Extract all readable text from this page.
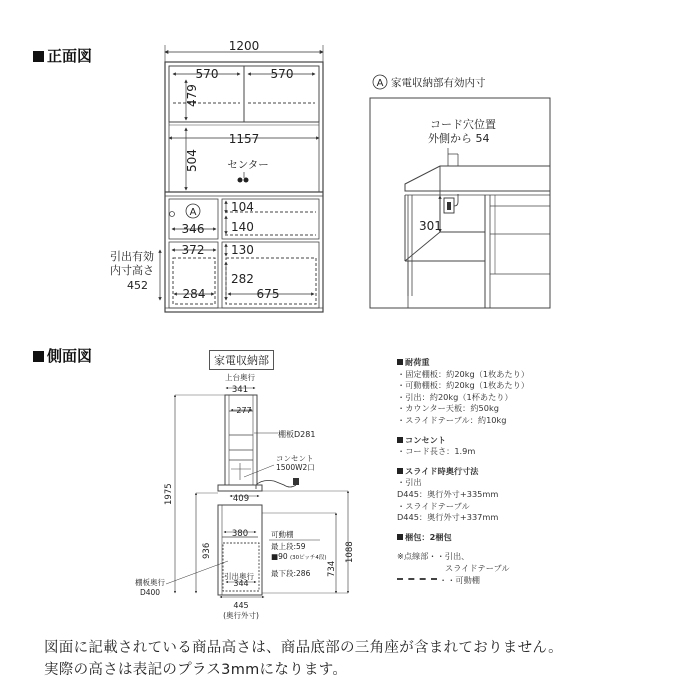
正面図
側面図
1200
570	570
479
1157
504	センター
A
346
104
140
372 130
282
284	675
引出有効
内寸高さ
452
A 家電収納部有効内寸
コード穴位置
外側から 54
301
家電収納部
上台奥行
341
277
棚板D281
コンセント
1500W2口
409
380
引出奥行
344
445
(奥行外寸)
1975
936
734
1088
可動棚
最上段:59
■90 (30ピッチ4段)
最下段:286
棚板奥行
D400
耐荷重
・固定棚板：約20kg（1枚あたり）
・可動棚板：約20kg（1枚あたり）
・引出：約20kg（1杯あたり）
・カウンター天板：約50kg
・スライドテーブル：約10kg
コンセント
・コード長さ：1.9m
スライド時奥行寸法
・引出
D445：奥行外寸+335mm
・スライドテーブル
D445：奥行外寸+337mm
梱包：2梱包
※点線部・・引出、
スライドテーブル
・・可動棚
図面に記載されている商品高さは、商品底部の三角座が含まれておりません。
実際の高さは表記のプラス3mmになります。
